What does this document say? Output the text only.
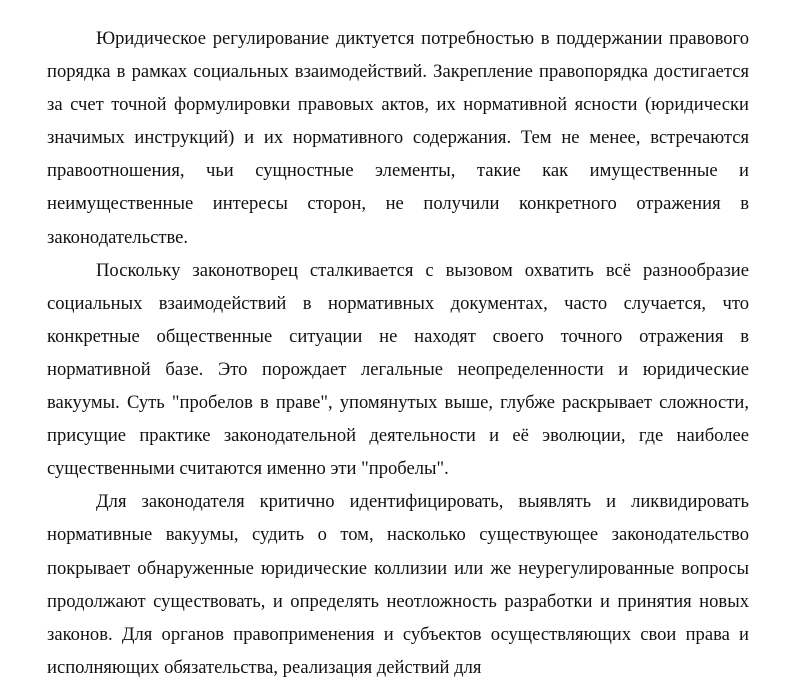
Юридическое регулирование диктуется потребностью в поддержании правового порядка в рамках социальных взаимодействий. Закрепление правопорядка достигается за счет точной формулировки правовых актов, их нормативной ясности (юридически значимых инструкций) и их нормативного содержания. Тем не менее, встречаются правоотношения, чьи сущностные элементы, такие как имущественные и неимущественные интересы сторон, не получили конкретного отражения в законодательстве.

Поскольку законотворец сталкивается с вызовом охватить всё разнообразие социальных взаимодействий в нормативных документах, часто случается, что конкретные общественные ситуации не находят своего точного отражения в нормативной базе. Это порождает легальные неопределенности и юридические вакуумы. Суть "пробелов в праве", упомянутых выше, глубже раскрывает сложности, присущие практике законодательной деятельности и её эволюции, где наиболее существенными считаются именно эти "пробелы".

Для законодателя критично идентифицировать, выявлять и ликвидировать нормативные вакуумы, судить о том, насколько существующее законодательство покрывает обнаруженные юридические коллизии или же неурегулированные вопросы продолжают существовать, и определять неотложность разработки и принятия новых законов. Для органов правоприменения и субъектов осуществляющих свои права и исполняющих обязательства, реализация действий для
